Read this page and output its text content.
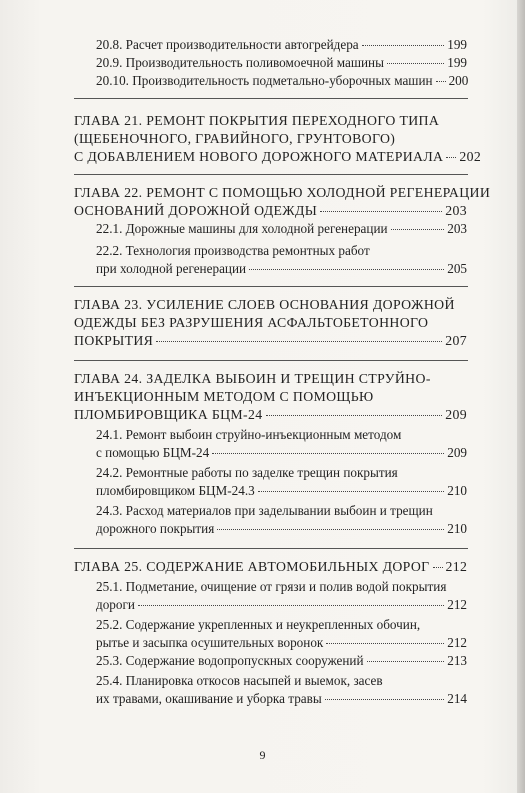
20.8. Расчет производительности автогрейдера	199
20.9. Производительность поливомоечной машины	199
20.10. Производительность подметально-уборочных машин 200
ГЛАВА 21. РЕМОНТ ПОКРЫТИЯ ПЕРЕХОДНОГО ТИПА
(ЩЕБЕНОЧНОГО, ГРАВИЙНОГО, ГРУНТОВОГО)
С ДОБАВЛЕНИЕМ НОВОГО ДОРОЖНОГО МАТЕРИАЛА 202
ГЛАВА 22. РЕМОНТ С ПОМОЩЬЮ ХОЛОДНОЙ РЕГЕНЕРАЦИИ
ОСНОВАНИЙ ДОРОЖНОЙ ОДЕЖДЫ	203
22.1. Дорожные машины для холодной регенерации	203
22.2. Технология производства ремонтных работ
при холодной регенерации	205
ГЛАВА 23. УСИЛЕНИЕ СЛОЕВ ОСНОВАНИЯ ДОРОЖНОЙ
ОДЕЖДЫ БЕЗ РАЗРУШЕНИЯ АСФАЛЬТОБЕТОННОГО
ПОКРЫТИЯ	207
ГЛАВА 24. ЗАДЕЛКА ВЫБОИН И ТРЕЩИН СТРУЙНО-
ИНЪЕКЦИОННЫМ МЕТОДОМ С ПОМОЩЬЮ
ПЛОМБИРОВЩИКА БЦМ-24	209
24.1. Ремонт выбоин струйно-инъекционным методом
с помощью БЦМ-24	209
24.2. Ремонтные работы по заделке трещин покрытия
пломбировщиком БЦМ-24.3	210
24.3. Расход материалов при заделывании выбоин и трещин
дорожного покрытия	210
ГЛАВА 25. СОДЕРЖАНИЕ АВТОМОБИЛЬНЫХ ДОРОГ 212
25.1. Подметание, очищение от грязи и полив водой покрытия
дороги	212
25.2. Содержание укрепленных и неукрепленных обочин,
рытье и засыпка осушительных воронок	212
25.3. Содержание водопропускных сооружений	213
25.4. Планировка откосов насыпей и выемок, засев
их травами, окашивание и уборка травы	214
9
